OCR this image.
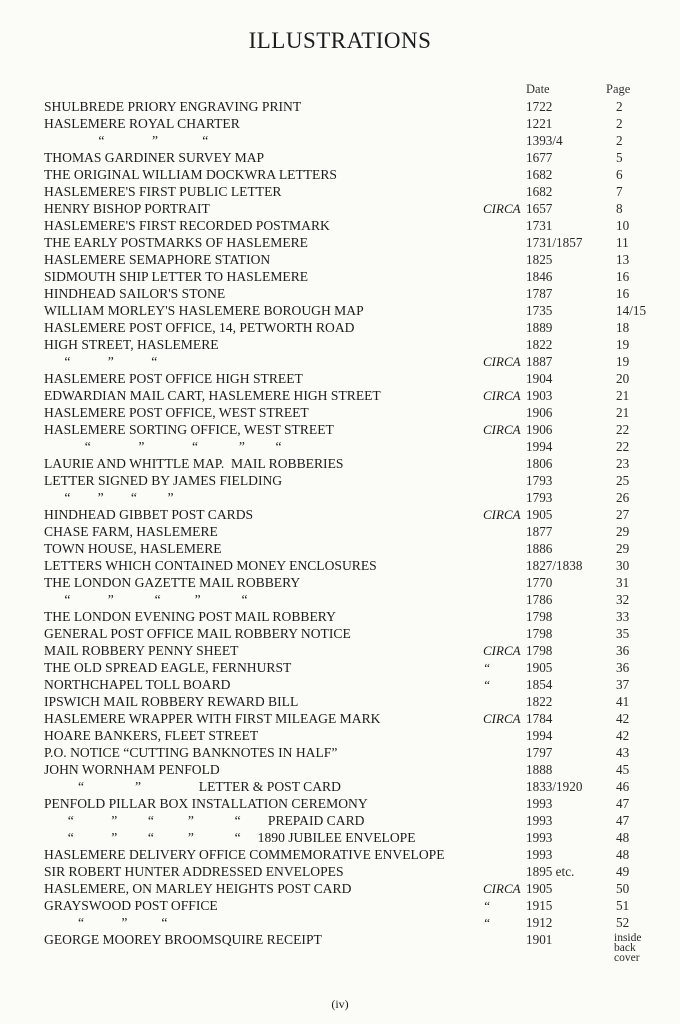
ILLUSTRATIONS
Date	Page
SHULBREDE PRIORY ENGRAVING PRINT	1722	2
HASLEMERE ROYAL CHARTER	1221	2
“              ”             “	1393/4	2
THOMAS GARDINER SURVEY MAP	1677	5
THE ORIGINAL WILLIAM DOCKWRA LETTERS	1682	6
HASLEMERE'S FIRST PUBLIC LETTER	1682	7
HENRY BISHOP PORTRAIT	CIRCA 1657	8
HASLEMERE'S FIRST RECORDED POSTMARK	1731	10
THE EARLY POSTMARKS OF HASLEMERE	1731/1857	11
HASLEMERE SEMAPHORE STATION	1825	13
SIDMOUTH SHIP LETTER TO HASLEMERE	1846	16
HINDHEAD SAILOR'S STONE	1787	16
WILLIAM MORLEY'S HASLEMERE BOROUGH MAP	1735	14/15
HASLEMERE POST OFFICE, 14, PETWORTH ROAD	1889	18
HIGH STREET, HASLEMERE	1822	19
“           ”           “	CIRCA 1887	19
HASLEMERE POST OFFICE HIGH STREET	1904	20
EDWARDIAN MAIL CART, HASLEMERE HIGH STREET	CIRCA 1903	21
HASLEMERE POST OFFICE, WEST STREET	1906	21
HASLEMERE SORTING OFFICE, WEST STREET	CIRCA 1906	22
“              ”              “            ”         “	1994	22
LAURIE AND WHITTLE MAP.  MAIL ROBBERIES	1806	23
LETTER SIGNED BY JAMES FIELDING	1793	25
“        ”        “         ”	1793	26
HINDHEAD GIBBET POST CARDS	CIRCA 1905	27
CHASE FARM, HASLEMERE	1877	29
TOWN HOUSE, HASLEMERE	1886	29
LETTERS WHICH CONTAINED MONEY ENCLOSURES	1827/1838	30
THE LONDON GAZETTE MAIL ROBBERY	1770	31
“           ”            “          ”            “	1786	32
THE LONDON EVENING POST MAIL ROBBERY	1798	33
GENERAL POST OFFICE MAIL ROBBERY NOTICE	1798	35
MAIL ROBBERY PENNY SHEET	CIRCA 1798	36
THE OLD SPREAD EAGLE, FERNHURST	“	1905	36
NORTHCHAPEL TOLL BOARD	“	1854	37
IPSWICH MAIL ROBBERY REWARD BILL	1822	41
HASLEMERE WRAPPER WITH FIRST MILEAGE MARK	CIRCA 1784	42
HOARE BANKERS, FLEET STREET	1994	42
P.O. NOTICE “CUTTING BANKNOTES IN HALF”	1797	43
JOHN WORNHAM PENFOLD	1888	45
“               ”                 LETTER & POST CARD	1833/1920	46
PENFOLD PILLAR BOX INSTALLATION CEREMONY	1993	47
“           ”         “          ”            “        PREPAID CARD	1993	47
“           ”         “          ”            “     1890 JUBILEE ENVELOPE	1993	48
HASLEMERE DELIVERY OFFICE COMMEMORATIVE ENVELOPE	1993	48
SIR ROBERT HUNTER ADDRESSED ENVELOPES	1895 etc.	49
HASLEMERE, ON MARLEY HEIGHTS POST CARD	CIRCA 1905	50
GRAYSWOOD POST OFFICE	“	1915	51
“           ”          “	“	1912	52
GEORGE MOOREY BROOMSQUIRE RECEIPT	1901	inside back cover
(iv)
